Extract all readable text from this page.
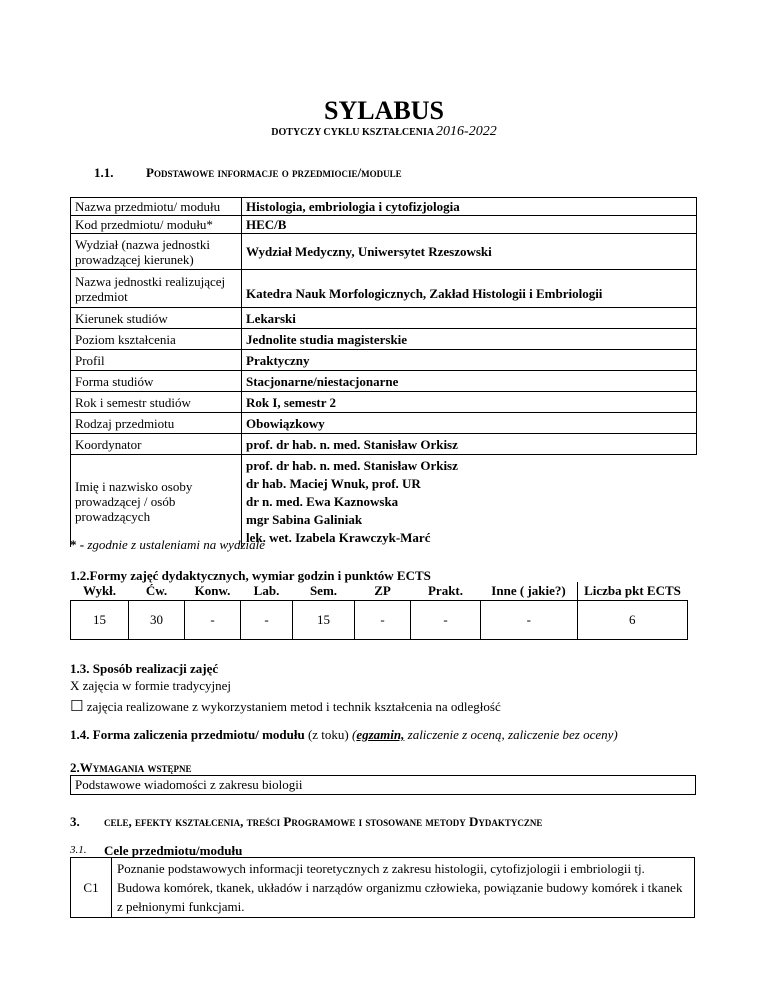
SYLABUS
DOTYCZY CYKLU KSZTAŁCENIA 2016-2022
1.1.	Podstawowe informacje o przedmiocie/module
Nazwa przedmiotu/ modułu	Histologia, embriologia i cytofizjologia
Kod przedmiotu/ modułu*	HEC/B
Wydział (nazwa jednostki prowadzącej kierunek)	Wydział Medyczny, Uniwersytet Rzeszowski
Nazwa jednostki realizującej przedmiot	Katedra Nauk Morfologicznych, Zakład Histologii i Embriologii
Kierunek studiów	Lekarski
Poziom kształcenia	Jednolite studia magisterskie
Profil	Praktyczny
Forma studiów	Stacjonarne/niestacjonarne
Rok i semestr studiów	Rok I, semestr 2
Rodzaj przedmiotu	Obowiązkowy
Koordynator	prof. dr hab. n. med. Stanisław Orkisz
Imię i nazwisko osoby prowadzącej / osób prowadzących	prof. dr hab. n. med. Stanisław Orkisz
dr hab. Maciej Wnuk, prof. UR
dr n. med. Ewa Kaznowska
mgr Sabina Galiniak
lek. wet. Izabela Krawczyk-Marć
* - zgodnie z ustaleniami na wydziale
1.2.Formy zajęć dydaktycznych, wymiar godzin i punktów ECTS
Wykł.	Ćw.	Konw.	Lab.	Sem.	ZP	Prakt.	Inne ( jakie?)	Liczba pkt ECTS
15	30	-	-	15	-	-	-	6
1.3. Sposób realizacji zajęć
X zajęcia w formie tradycyjnej
☐ zajęcia realizowane z wykorzystaniem metod i technik kształcenia na odległość
1.4. Forma zaliczenia przedmiotu/ modułu (z toku) (egzamin, zaliczenie z oceną, zaliczenie bez oceny)
2.Wymagania wstępne
Podstawowe wiadomości z zakresu biologii
3. cele, efekty kształcenia, treści Programowe i stosowane metody Dydaktyczne
3.1. Cele przedmiotu/modułu
C1	Poznanie podstawowych informacji teoretycznych z zakresu histologii, cytofizjologii i embriologii tj. Budowa komórek, tkanek, układów i narządów organizmu człowieka, powiązanie budowy komórek i tkanek z pełnionymi funkcjami.
